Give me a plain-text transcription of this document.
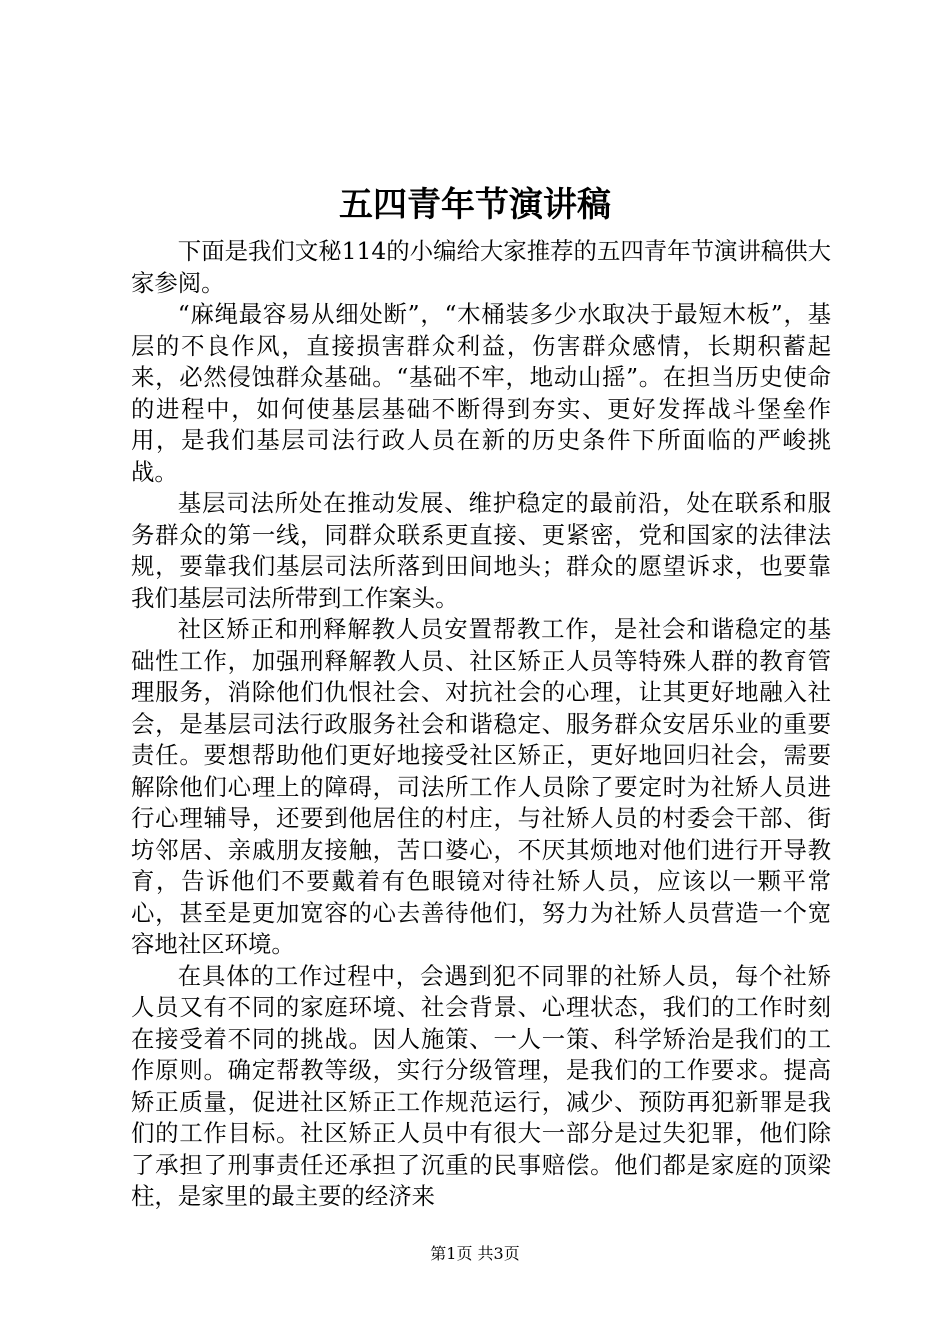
五四青年节演讲稿

下面是我们文秘114的小编给大家推荐的五四青年节演讲稿供大家参阅。

“麻绳最容易从细处断”，“木桶装多少水取决于最短木板”，基层的不良作风，直接损害群众利益，伤害群众感情，长期积蓄起来，必然侵蚀群众基础。“基础不牢，地动山摇”。在担当历史使命的进程中，如何使基层基础不断得到夯实、更好发挥战斗堡垒作用，是我们基层司法行政人员在新的历史条件下所面临的严峻挑战。

基层司法所处在推动发展、维护稳定的最前沿，处在联系和服务群众的第一线，同群众联系更直接、更紧密，党和国家的法律法规，要靠我们基层司法所落到田间地头；群众的愿望诉求，也要靠我们基层司法所带到工作案头。

社区矫正和刑释解教人员安置帮教工作，是社会和谐稳定的基础性工作，加强刑释解教人员、社区矫正人员等特殊人群的教育管理服务，消除他们仇恨社会、对抗社会的心理，让其更好地融入社会，是基层司法行政服务社会和谐稳定、服务群众安居乐业的重要责任。要想帮助他们更好地接受社区矫正，更好地回归社会，需要解除他们心理上的障碍，司法所工作人员除了要定时为社矫人员进行心理辅导，还要到他居住的村庄，与社矫人员的村委会干部、街坊邻居、亲戚朋友接触，苦口婆心，不厌其烦地对他们进行开导教育，告诉他们不要戴着有色眼镜对待社矫人员，应该以一颗平常心，甚至是更加宽容的心去善待他们，努力为社矫人员营造一个宽容地社区环境。

在具体的工作过程中，会遇到犯不同罪的社矫人员，每个社矫人员又有不同的家庭环境、社会背景、心理状态，我们的工作时刻在接受着不同的挑战。因人施策、一人一策、科学矫治是我们的工作原则。确定帮教等级，实行分级管理，是我们的工作要求。提高矫正质量，促进社区矫正工作规范运行，减少、预防再犯新罪是我们的工作目标。社区矫正人员中有很大一部分是过失犯罪，他们除了承担了刑事责任还承担了沉重的民事赔偿。他们都是家庭的顶梁柱，是家里的最主要的经济来

第1页 共3页
